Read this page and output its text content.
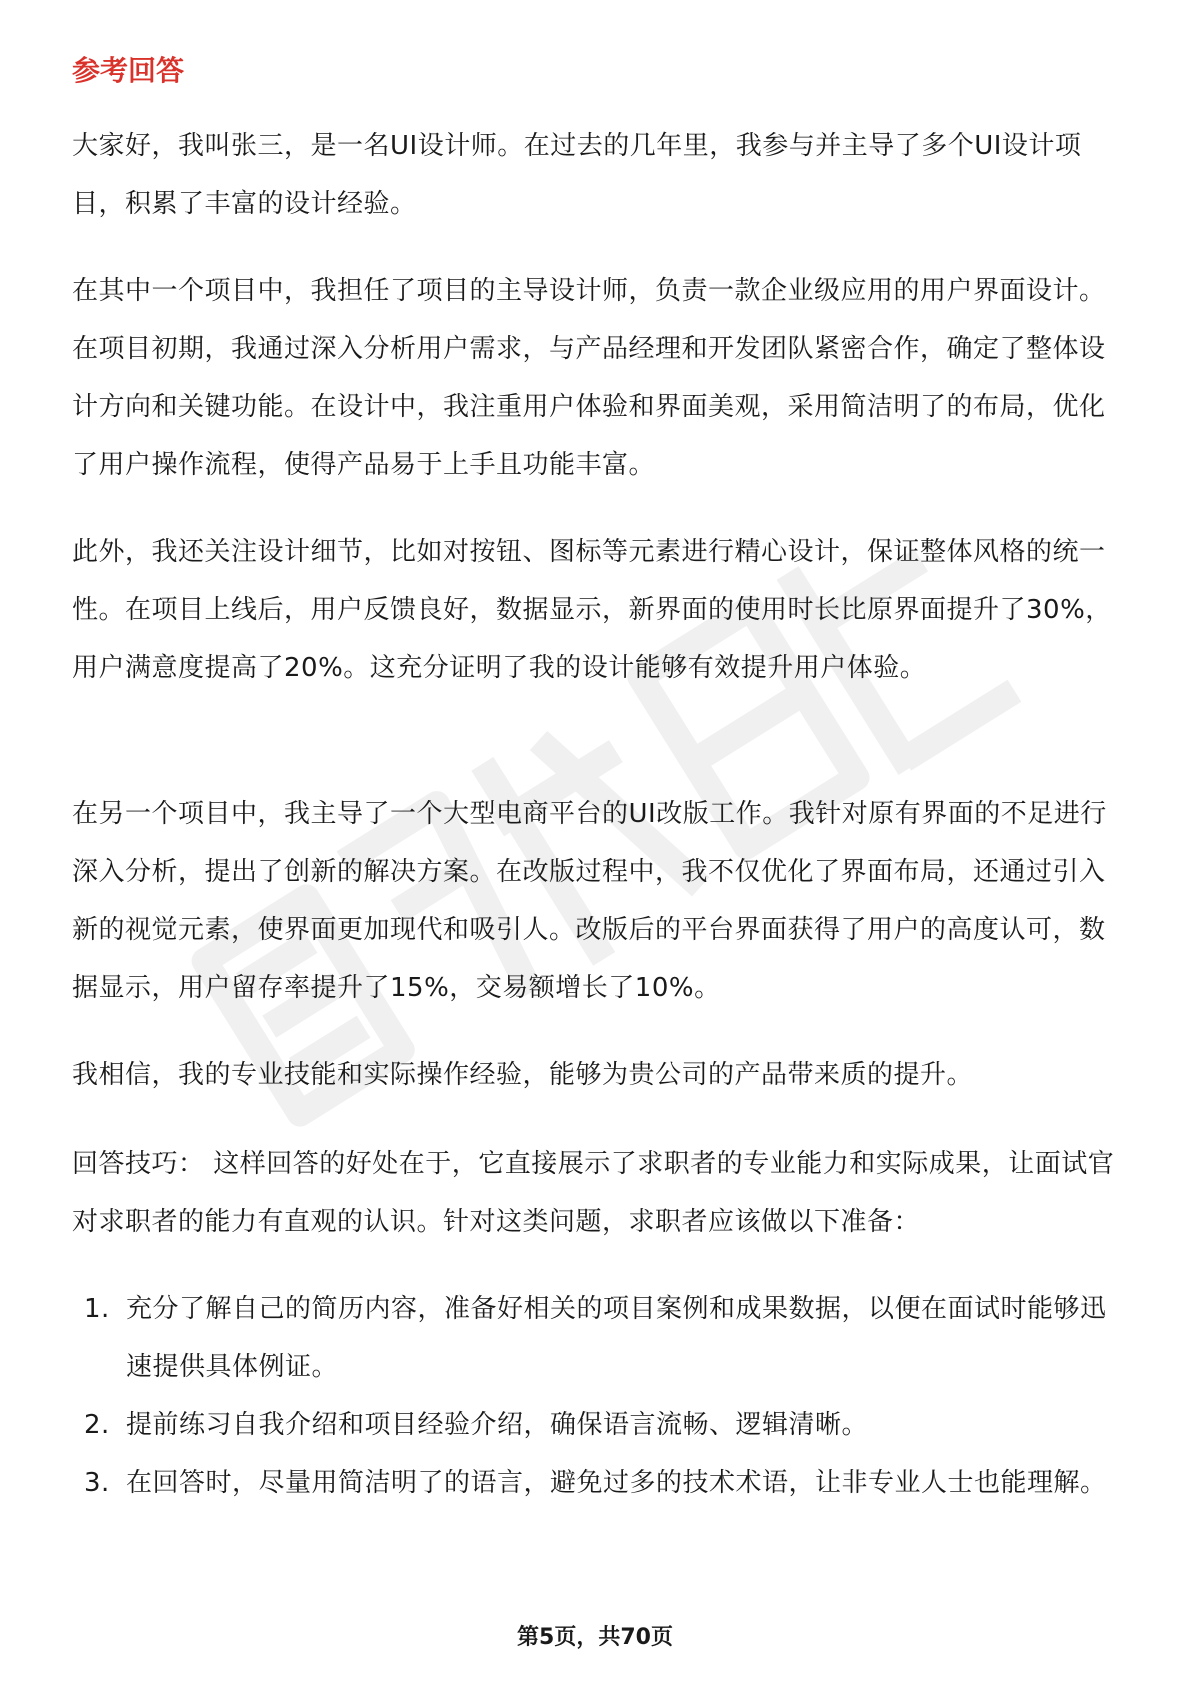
参考回答

大家好，我叫张三，是一名UI设计师。在过去的几年里，我参与并主导了多个UI设计项目，积累了丰富的设计经验。

在其中一个项目中，我担任了项目的主导设计师，负责一款企业级应用的用户界面设计。在项目初期，我通过深入分析用户需求，与产品经理和开发团队紧密合作，确定了整体设计方向和关键功能。在设计中，我注重用户体验和界面美观，采用简洁明了的布局，优化了用户操作流程，使得产品易于上手且功能丰富。

此外，我还关注设计细节，比如对按钮、图标等元素进行精心设计，保证整体风格的统一性。在项目上线后，用户反馈良好，数据显示，新界面的使用时长比原界面提升了30%，用户满意度提高了20%。这充分证明了我的设计能够有效提升用户体验。

在另一个项目中，我主导了一个大型电商平台的UI改版工作。我针对原有界面的不足进行深入分析，提出了创新的解决方案。在改版过程中，我不仅优化了界面布局，还通过引入新的视觉元素，使界面更加现代和吸引人。改版后的平台界面获得了用户的高度认可，数据显示，用户留存率提升了15%，交易额增长了10%。

我相信，我的专业技能和实际操作经验，能够为贵公司的产品带来质的提升。

回答技巧： 这样回答的好处在于，它直接展示了求职者的专业能力和实际成果，让面试官对求职者的能力有直观的认识。针对这类问题，求职者应该做以下准备：

1. 充分了解自己的简历内容，准备好相关的项目案例和成果数据，以便在面试时能够迅速提供具体例证。
2. 提前练习自我介绍和项目经验介绍，确保语言流畅、逻辑清晰。
3. 在回答时，尽量用简洁明了的语言，避免过多的技术术语，让非专业人士也能理解。
第5页，共70页
